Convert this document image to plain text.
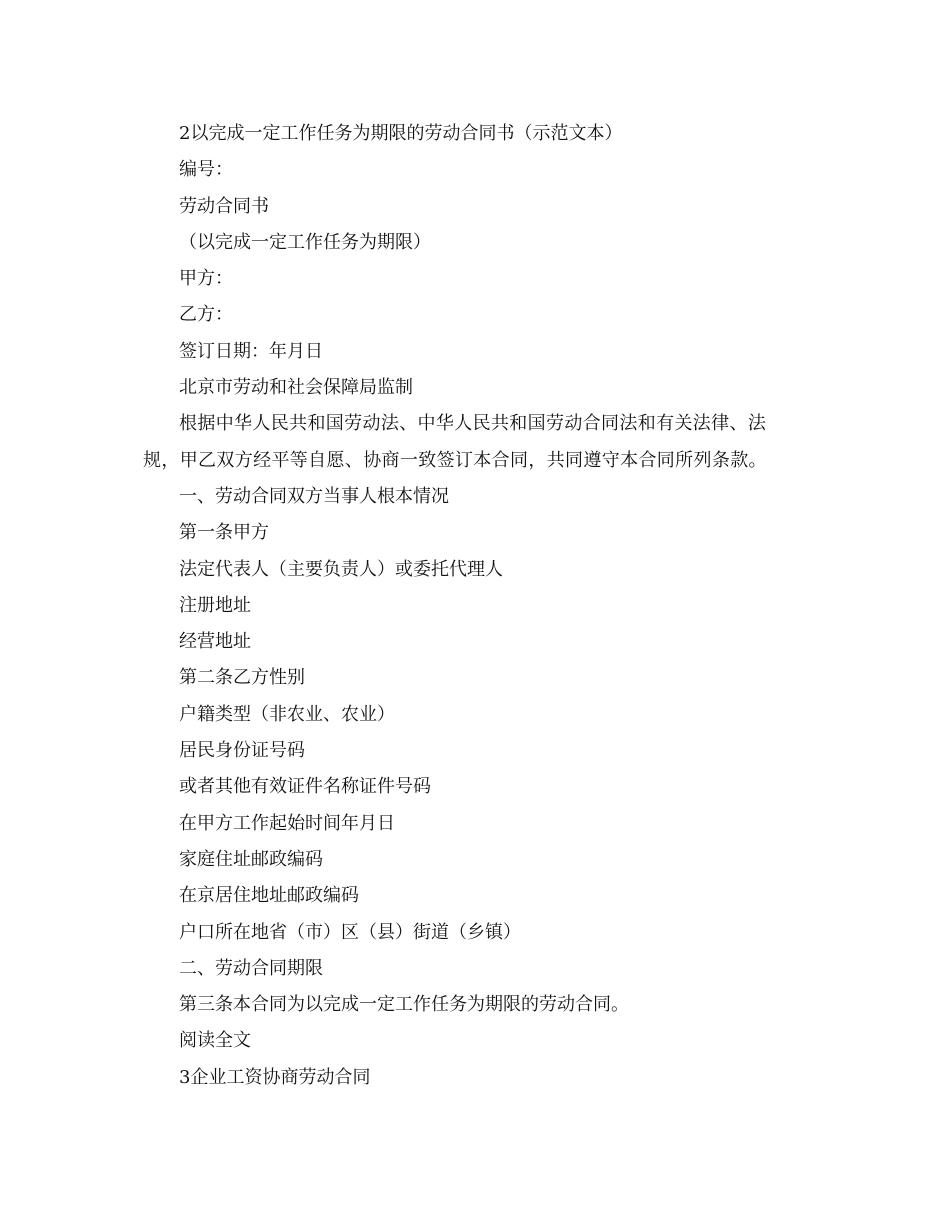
2以完成一定工作任务为期限的劳动合同书（示范文本）

编号：

劳动合同书

（以完成一定工作任务为期限）

甲方：

乙方：

签订日期：年月日

北京市劳动和社会保障局监制

根据中华人民共和国劳动法、中华人民共和国劳动合同法和有关法律、法规，甲乙双方经平等自愿、协商一致签订本合同，共同遵守本合同所列条款。

一、劳动合同双方当事人根本情况

第一条甲方

法定代表人（主要负责人）或委托代理人

注册地址

经营地址

第二条乙方性别

户籍类型（非农业、农业）

居民身份证号码

或者其他有效证件名称证件号码

在甲方工作起始时间年月日

家庭住址邮政编码

在京居住地址邮政编码

户口所在地省（市）区（县）街道（乡镇）

二、劳动合同期限

第三条本合同为以完成一定工作任务为期限的劳动合同。

阅读全文

3企业工资协商劳动合同
